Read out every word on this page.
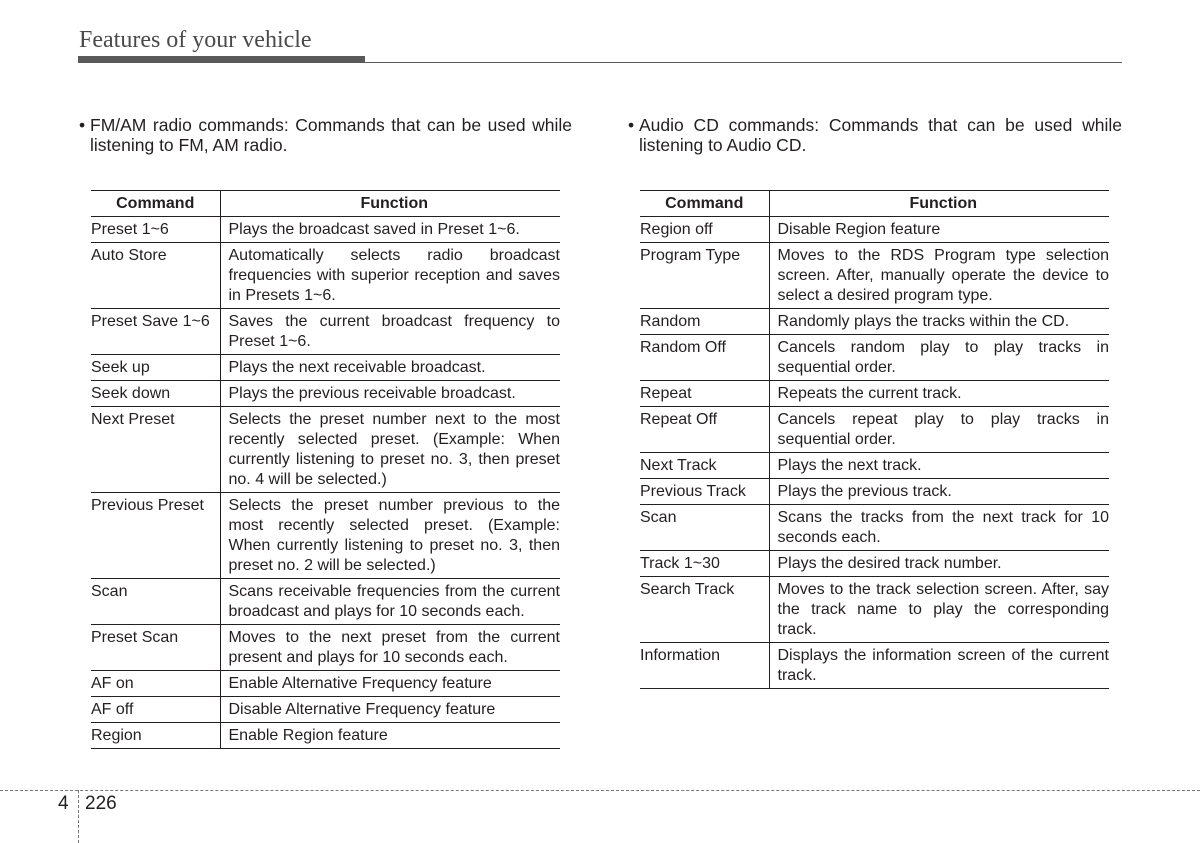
Features of your vehicle
• FM/AM radio commands: Commands that can be used while listening to FM, AM radio.
• Audio CD commands: Commands that can be used while listening to Audio CD.
Command	Function
Preset 1~6	Plays the broadcast saved in Preset 1~6.
Auto Store	Automatically selects radio broadcast frequencies with superior reception and saves in Presets 1~6.
Preset Save 1~6	Saves the current broadcast frequency to Preset 1~6.
Seek up	Plays the next receivable broadcast.
Seek down	Plays the previous receivable broadcast.
Next Preset	Selects the preset number next to the most recently selected preset. (Example: When currently listening to preset no. 3, then preset no. 4 will be selected.)
Previous Preset	Selects the preset number previous to the most recently selected preset. (Example: When currently listening to preset no. 3, then preset no. 2 will be selected.)
Scan	Scans receivable frequencies from the current broadcast and plays for 10 seconds each.
Preset Scan	Moves to the next preset from the current present and plays for 10 seconds each.
AF on	Enable Alternative Frequency feature
AF off	Disable Alternative Frequency feature
Region	Enable Region feature
Command	Function
Region off	Disable Region feature
Program Type	Moves to the RDS Program type selection screen. After, manually operate the device to select a desired program type.
Random	Randomly plays the tracks within the CD.
Random Off	Cancels random play to play tracks in sequential order.
Repeat	Repeats the current track.
Repeat Off	Cancels repeat play to play tracks in sequential order.
Next Track	Plays the next track.
Previous Track	Plays the previous track.
Scan	Scans the tracks from the next track for 10 seconds each.
Track 1~30	Plays the desired track number.
Search Track	Moves to the track selection screen. After, say the track name to play the corresponding track.
Information	Displays the information screen of the current track.
4 226
